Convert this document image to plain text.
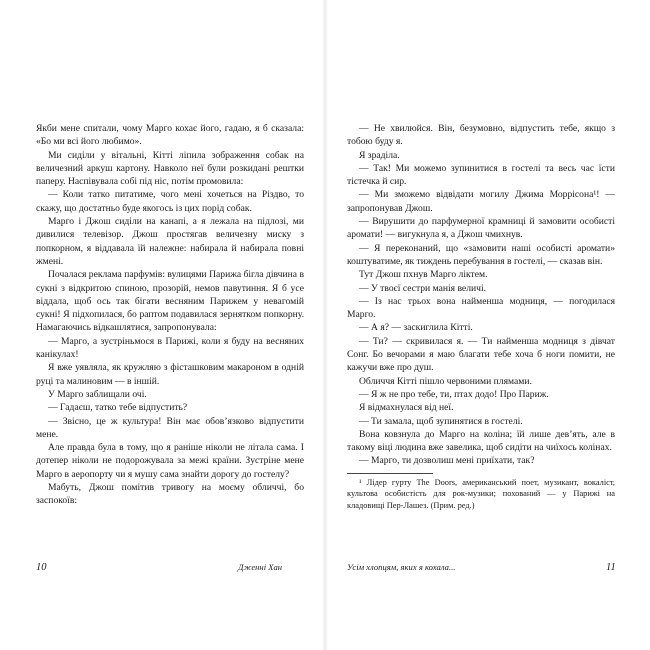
Якби мене спитали, чому Марго кохає його, гадаю, я б сказала: «Бо ми всі його любимо».

Ми сиділи у вітальні, Кітті ліпила зображення собак на величезний аркуш картону. Навколо неї були розкидані рештки паперу. Наспівувала собі під ніс, потім промовила:

— Коли татко питатиме, чого мені хочеться на Різдво, то скажу, що достатньо буде якогось із цих порід собак.

Марго і Джош сиділи на канапі, а я лежала на підлозі, ми дивилися телевізор. Джош простягав величезну миску з попкорном, я віддавала їй належне: набирала й набирала повні жмені.

Почалася реклама парфумів: вулицями Парижа бігла дівчина в сукні з відкритою спиною, прозорій, немов павутиння. Я б усе віддала, щоб ось так бігати весняним Парижем у невагомій сукні! Я підхопилася, бо раптом подавилася зернятком попкорну. Намагаючись відкашлятися, запропонувала:

— Марго, а зустріньмося в Парижі, коли я буду на весняних канікулах!

Я вже уявляла, як кружляю з фісташковим макароном в одній руці та малиновим — в іншій.

У Марго заблищали очі.

— Гадаєш, татко тебе відпустить?

— Звісно, це ж культура! Він має обов’язково відпустити мене.

Але правда була в тому, що я раніше ніколи не літала сама. І дотепер ніколи не подорожувала за межі країни. Зустріне мене Марго в аеропорту чи я мушу сама знайти дорогу до гостелу?

Мабуть, Джош помітив тривогу на моєму обличчі, бо заспокоїв:

10	Дженні Хан

— Не хвилюйся. Він, безумовно, відпустить тебе, якщо з тобою буду я.

Я зраділа.

— Так! Ми можемо зупинитися в гостелі та весь час їсти тістечка й сир.

— Ми зможемо відвідати могилу Джима Моррісона¹! — запропонував Джош.

— Вирушити до парфумерної крамниці й замовити особисті аромати! — вигукнула я, а Джош чмихнув.

— Я переконаний, що «замовити наші особисті аромати» коштуватиме, як тиждень перебування в гостелі, — сказав він.

Тут Джош пхнув Марго ліктем.

— У твоєї сестри манія величі.

— Із нас трьох вона найменша модниця, — погодилася Марго.

— А я? — заскиглила Кітті.

— Ти? — скривилася я. — Ти найменша модниця з дівчат Сонг. Бо вечорами я маю благати тебе хоча б ноги помити, не кажучи вже про душ.

Обличчя Кітті пішло червоними плямами.

— Я ж не про тебе, ти, птах додо! Про Париж.

Я відмахнулася від неї.

— Ти замала, щоб зупинятися в гостелі.

Вона ковзнула до Марго на коліна; їй лише дев’ять, але в такому віці людина вже завелика, щоб сидіти на чиїхось колінах.

— Марго, ти дозволиш мені приїхати, так?

¹ Лідер гурту The Doors, американський поет, музикант, вокаліст, культова особистість для рок-музики; похований — у Парижі на кладовищі Пер-Лашез. (Прим. ред.)
Усім хлопцям, яких я кохала...	11
